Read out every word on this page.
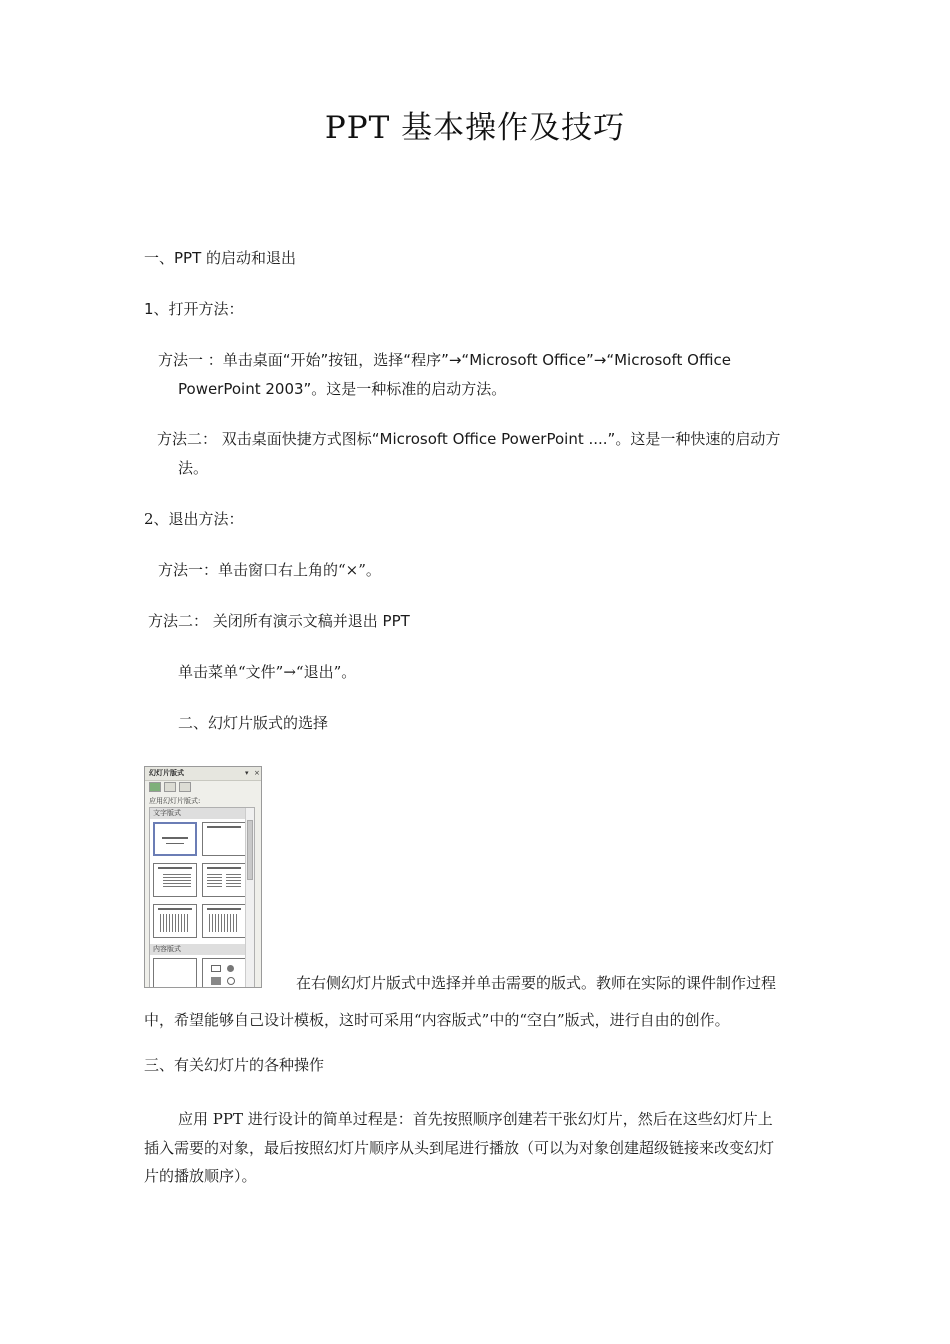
PPT 基本操作及技巧
一、PPT 的启动和退出
1、打开方法：
方法一 ：单击桌面“开始”按钮，选择“程序”→“Microsoft Office”→“Microsoft Office
PowerPoint 2003”。这是一种标准的启动方法。
方法二： 双击桌面快捷方式图标“Microsoft Office PowerPoint ....”。这是一种快速的启动方
法。
2、退出方法：
方法一：单击窗口右上角的“×”。
方法二： 关闭所有演示文稿并退出 PPT
单击菜单“文件”→“退出”。
二、幻灯片版式的选择
幻灯片版式	▾ ×
应用幻灯片版式:
文字版式
内容版式
在右侧幻灯片版式中选择并单击需要的版式。教师在实际的课件制作过程
中，希望能够自己设计模板，这时可采用“内容版式”中的“空白”版式，进行自由的创作。
三、有关幻灯片的各种操作
应用 PPT 进行设计的简单过程是：首先按照顺序创建若干张幻灯片，然后在这些幻灯片上
插入需要的对象，最后按照幻灯片顺序从头到尾进行播放（可以为对象创建超级链接来改变幻灯
片的播放顺序）。
